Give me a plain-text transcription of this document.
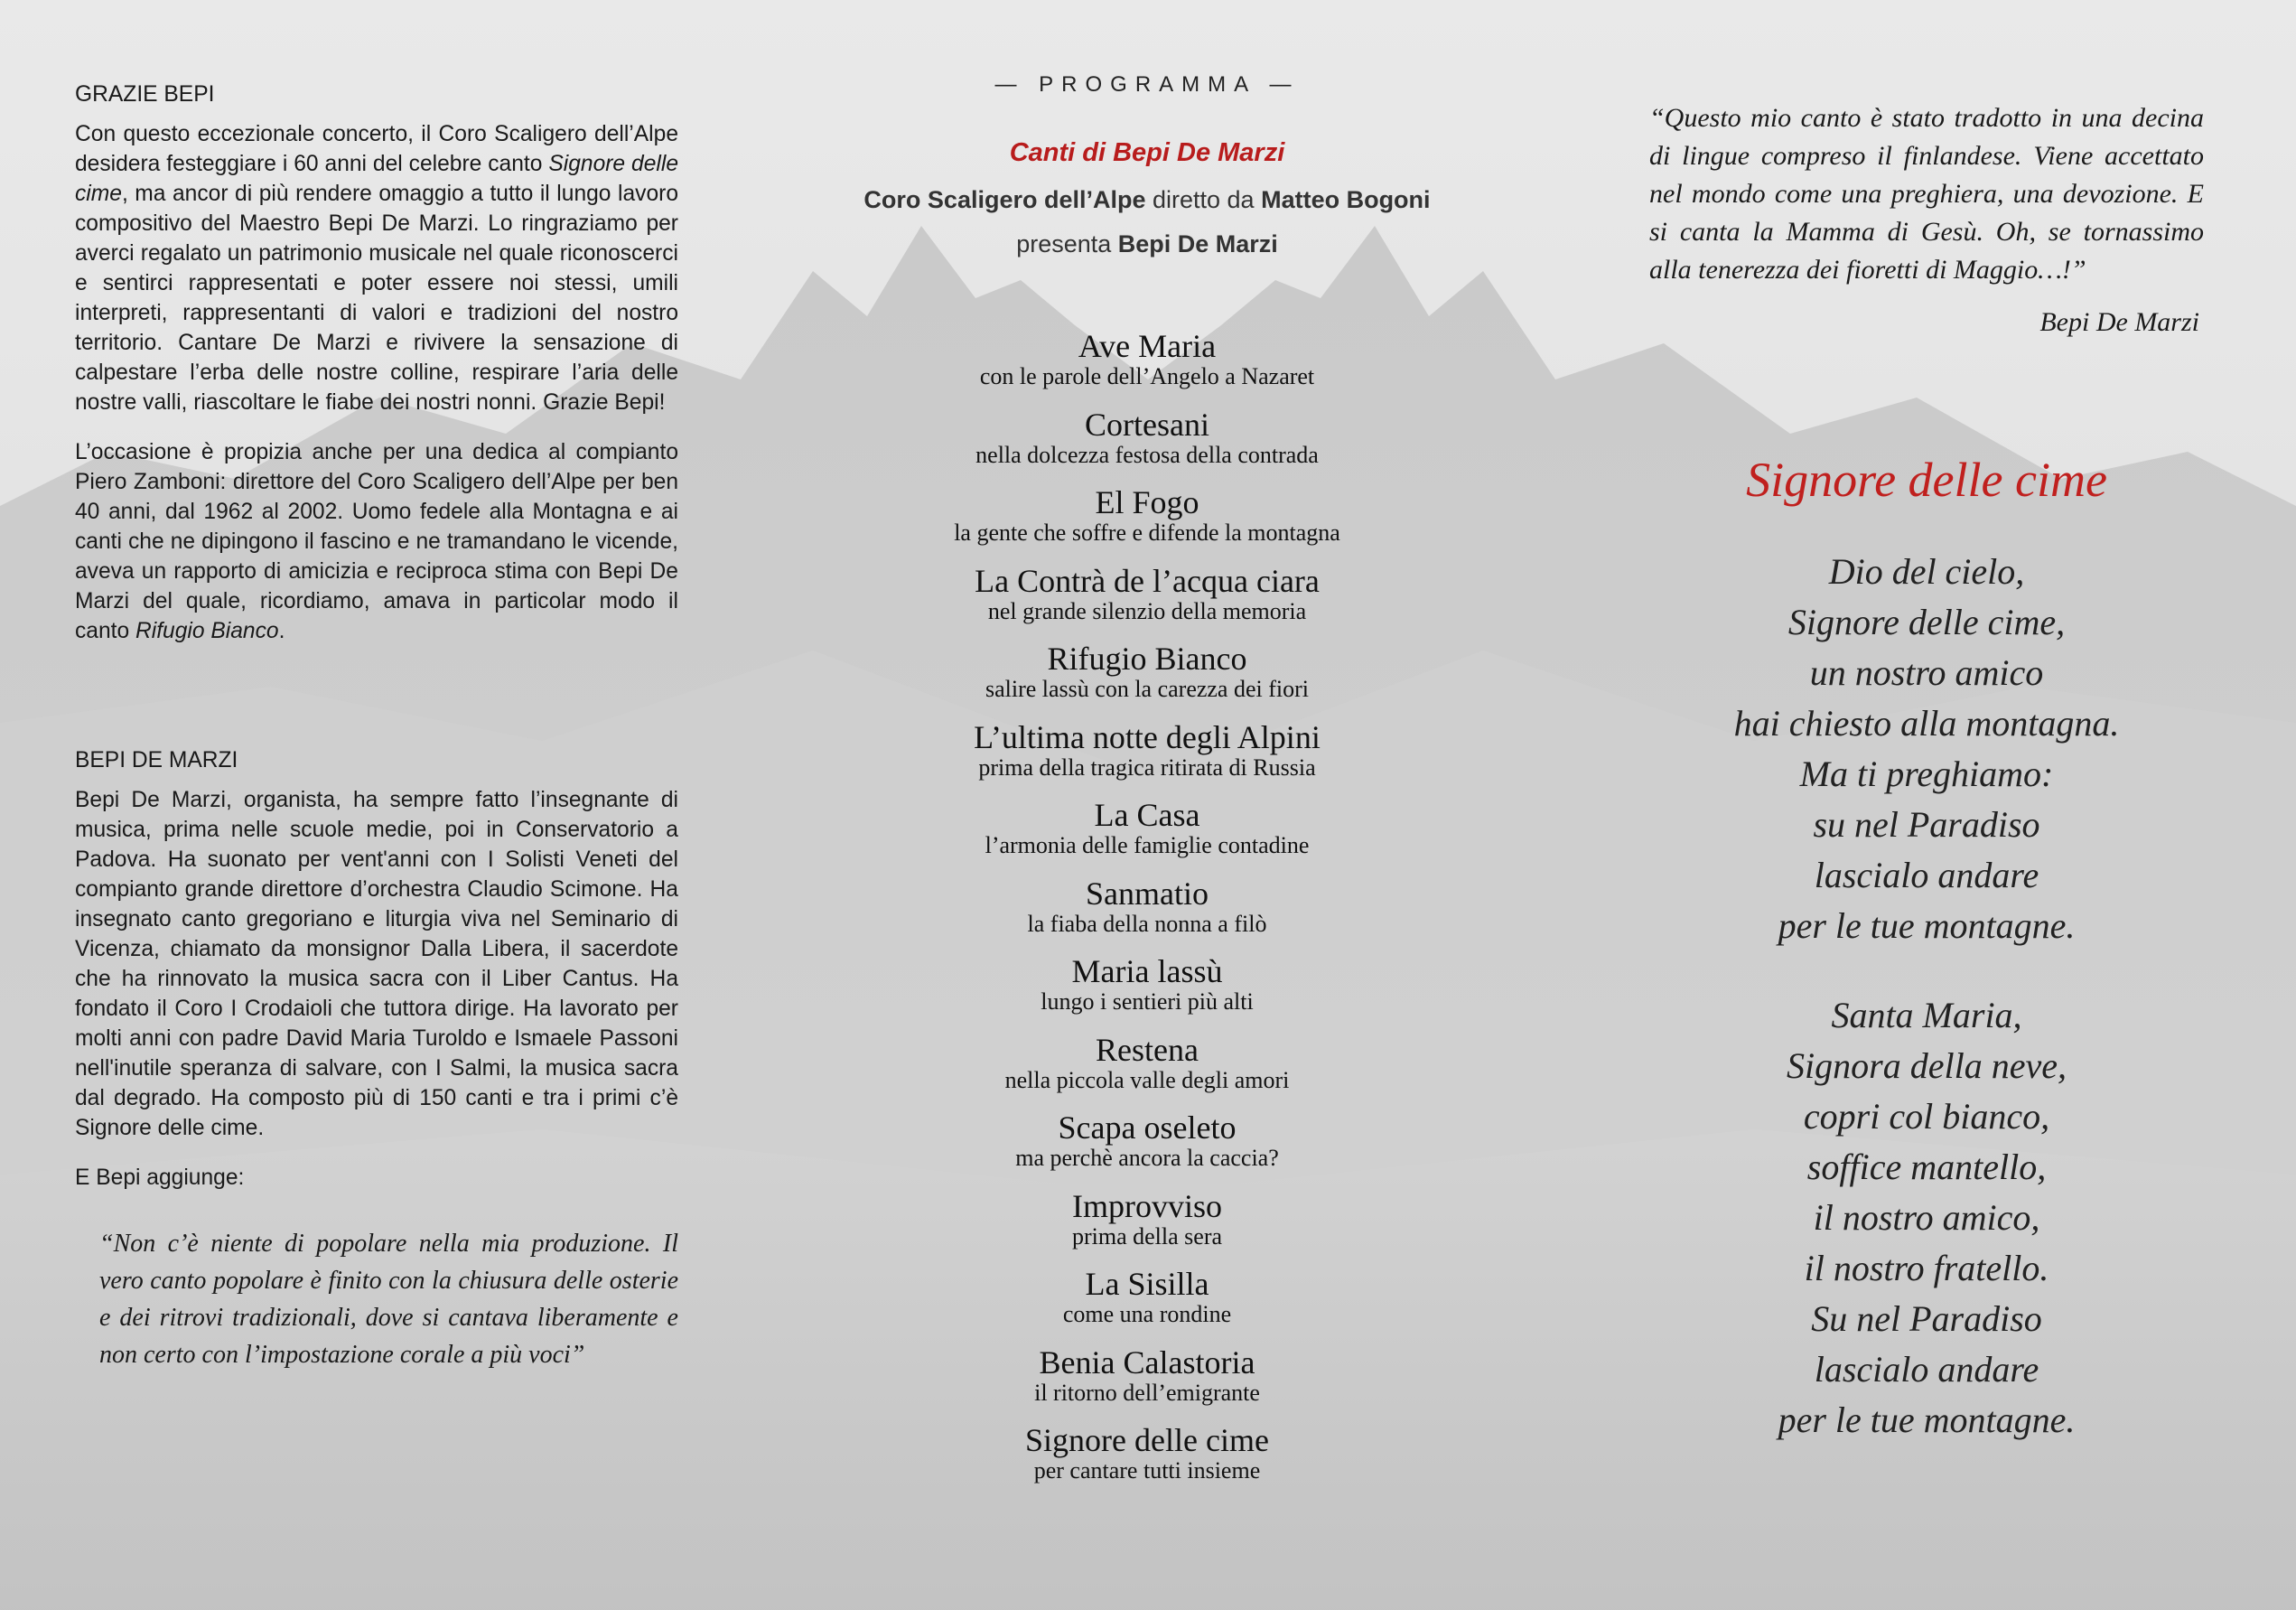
GRAZIE BEPI

Con questo eccezionale concerto, il Coro Scaligero dell’Alpe desidera festeggiare i 60 anni del celebre canto Signore delle cime, ma ancor di più rendere omaggio a tutto il lungo lavoro compositivo del Maestro Bepi De Marzi. Lo ringraziamo per averci regalato un patrimonio musicale nel quale riconoscerci e sentirci rappresentati e poter essere noi stessi, umili interpreti, rappresentanti di valori e tradizioni del nostro territorio. Cantare De Marzi e rivivere la sensazione di calpestare l’erba delle nostre colline, respirare l’aria delle nostre valli, riascoltare le fiabe dei nostri nonni. Grazie Bepi!

L’occasione è propizia anche per una dedica al compianto Piero Zamboni: direttore del Coro Scaligero dell’Alpe per ben 40 anni, dal 1962 al 2002. Uomo fedele alla Montagna e ai canti che ne dipingono il fascino e ne tramandano le vicende, aveva un rapporto di amicizia e reciproca stima con Bepi De Marzi del quale, ricordiamo, amava in particolar modo il canto Rifugio Bianco.

BEPI DE MARZI

Bepi De Marzi, organista, ha sempre fatto l’insegnante di musica, prima nelle scuole medie, poi in Conservatorio a Padova. Ha suonato per vent'anni con I Solisti Veneti del compianto grande direttore d’orchestra Claudio Scimone. Ha insegnato canto gregoriano e liturgia viva nel Seminario di Vicenza, chiamato da monsignor Dalla Libera, il sacerdote che ha rinnovato la musica sacra con il Liber Cantus. Ha fondato il Coro I Crodaioli che tuttora dirige. Ha lavorato per molti anni con padre David Maria Turoldo e Ismaele Passoni nell'inutile speranza di salvare, con I Salmi, la musica sacra dal degrado. Ha composto più di 150 canti e tra i primi c’è Signore delle cime.

E Bepi aggiunge:

“Non c’è niente di popolare nella mia produzione. Il vero canto popolare è finito con la chiusura delle osterie e dei ritrovi tradizionali, dove si cantava liberamente e non certo con l’impostazione corale a più voci”
— PROGRAMMA —
Canti di Bepi De Marzi
Coro Scaligero dell’Alpe diretto da Matteo Bogoni
presenta Bepi De Marzi
Ave Maria
con le parole dell’Angelo a Nazaret
Cortesani
nella dolcezza festosa della contrada
El Fogo
la gente che soffre e difende la montagna
La Contrà de l’acqua ciara
nel grande silenzio della memoria
Rifugio Bianco
salire lassù con la carezza dei fiori
L’ultima notte degli Alpini
prima della tragica ritirata di Russia
La Casa
l’armonia delle famiglie contadine
Sanmatio
la fiaba della nonna a filò
Maria lassù
lungo i sentieri più alti
Restena
nella piccola valle degli amori
Scapa oseleto
ma perchè ancora la caccia?
Improvviso
prima della sera
La Sisilla
come una rondine
Benia Calastoria
il ritorno dell’emigrante
Signore delle cime
per cantare tutti insieme
“Questo mio canto è stato tradotto in una decina di lingue compreso il finlandese. Viene accettato nel mondo come una preghiera, una devozione. E si canta la Mamma di Gesù. Oh, se tornassimo alla tenerezza dei fioretti di Maggio…!”
Bepi De Marzi
Signore delle cime
Dio del cielo,
Signore delle cime,
un nostro amico
hai chiesto alla montagna.
Ma ti preghiamo:
su nel Paradiso
lascialo andare
per le tue montagne.
Santa Maria,
Signora della neve,
copri col bianco,
soffice mantello,
il nostro amico,
il nostro fratello.
Su nel Paradiso
lascialo andare
per le tue montagne.
